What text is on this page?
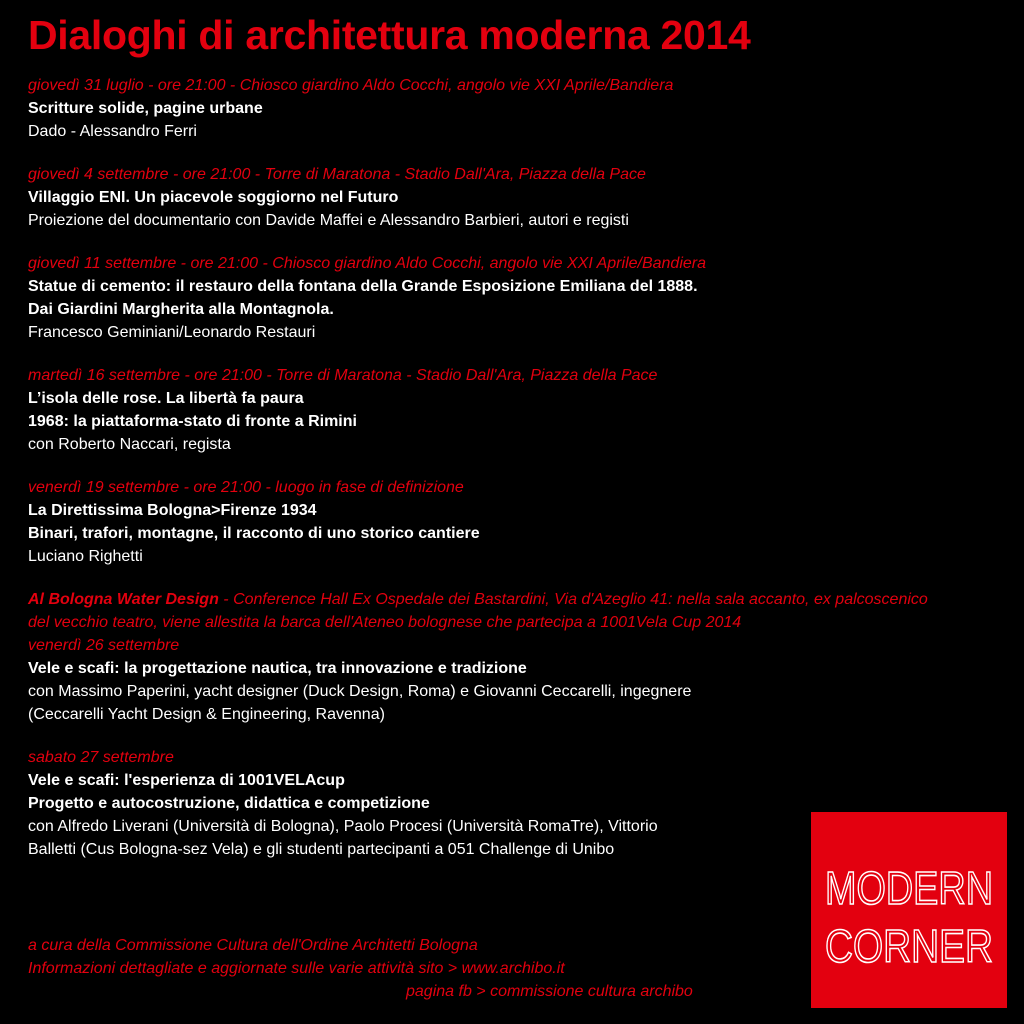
Dialoghi di architettura moderna 2014
giovedì 31 luglio - ore 21:00 - Chiosco giardino Aldo Cocchi, angolo vie XXI Aprile/Bandiera
Scritture solide, pagine urbane
Dado - Alessandro Ferri
giovedì 4 settembre - ore 21:00 - Torre di Maratona - Stadio Dall'Ara, Piazza della Pace
Villaggio ENI. Un piacevole soggiorno nel Futuro
Proiezione del documentario con Davide Maffei e Alessandro Barbieri, autori e registi
giovedì 11 settembre - ore 21:00 - Chiosco giardino Aldo Cocchi, angolo vie XXI Aprile/Bandiera
Statue di cemento: il restauro della fontana della Grande Esposizione Emiliana del 1888.
Dai Giardini Margherita alla Montagnola.
Francesco Geminiani/Leonardo Restauri
martedì 16 settembre - ore 21:00 - Torre di Maratona - Stadio Dall'Ara, Piazza della Pace
L’isola delle rose. La libertà fa paura
1968: la piattaforma-stato di fronte a Rimini
con Roberto Naccari, regista
venerdì 19 settembre - ore 21:00 - luogo in fase di definizione
La Direttissima Bologna>Firenze 1934
Binari, trafori, montagne, il racconto di uno storico cantiere
Luciano Righetti
Al Bologna Water Design - Conference Hall Ex Ospedale dei Bastardini, Via d'Azeglio 41: nella sala accanto, ex palcoscenico
del vecchio teatro, viene allestita la barca dell'Ateneo bolognese che partecipa a 1001Vela Cup 2014
venerdì 26 settembre
Vele e scafi: la progettazione nautica, tra innovazione e tradizione
con Massimo Paperini, yacht designer (Duck Design, Roma) e Giovanni Ceccarelli, ingegnere
(Ceccarelli Yacht Design & Engineering, Ravenna)
sabato 27 settembre
Vele e scafi: l'esperienza di 1001VELAcup
Progetto e autocostruzione, didattica e competizione
con Alfredo Liverani (Università di Bologna), Paolo Procesi (Università RomaTre), Vittorio
Balletti (Cus Bologna-sez Vela) e gli studenti partecipanti a 051 Challenge di Unibo
a cura della Commissione Cultura dell'Ordine Architetti Bologna
Informazioni dettagliate e aggiornate sulle varie attività sito > www.archibo.it
pagina fb > commissione cultura archibo
MODERN
CORNER
